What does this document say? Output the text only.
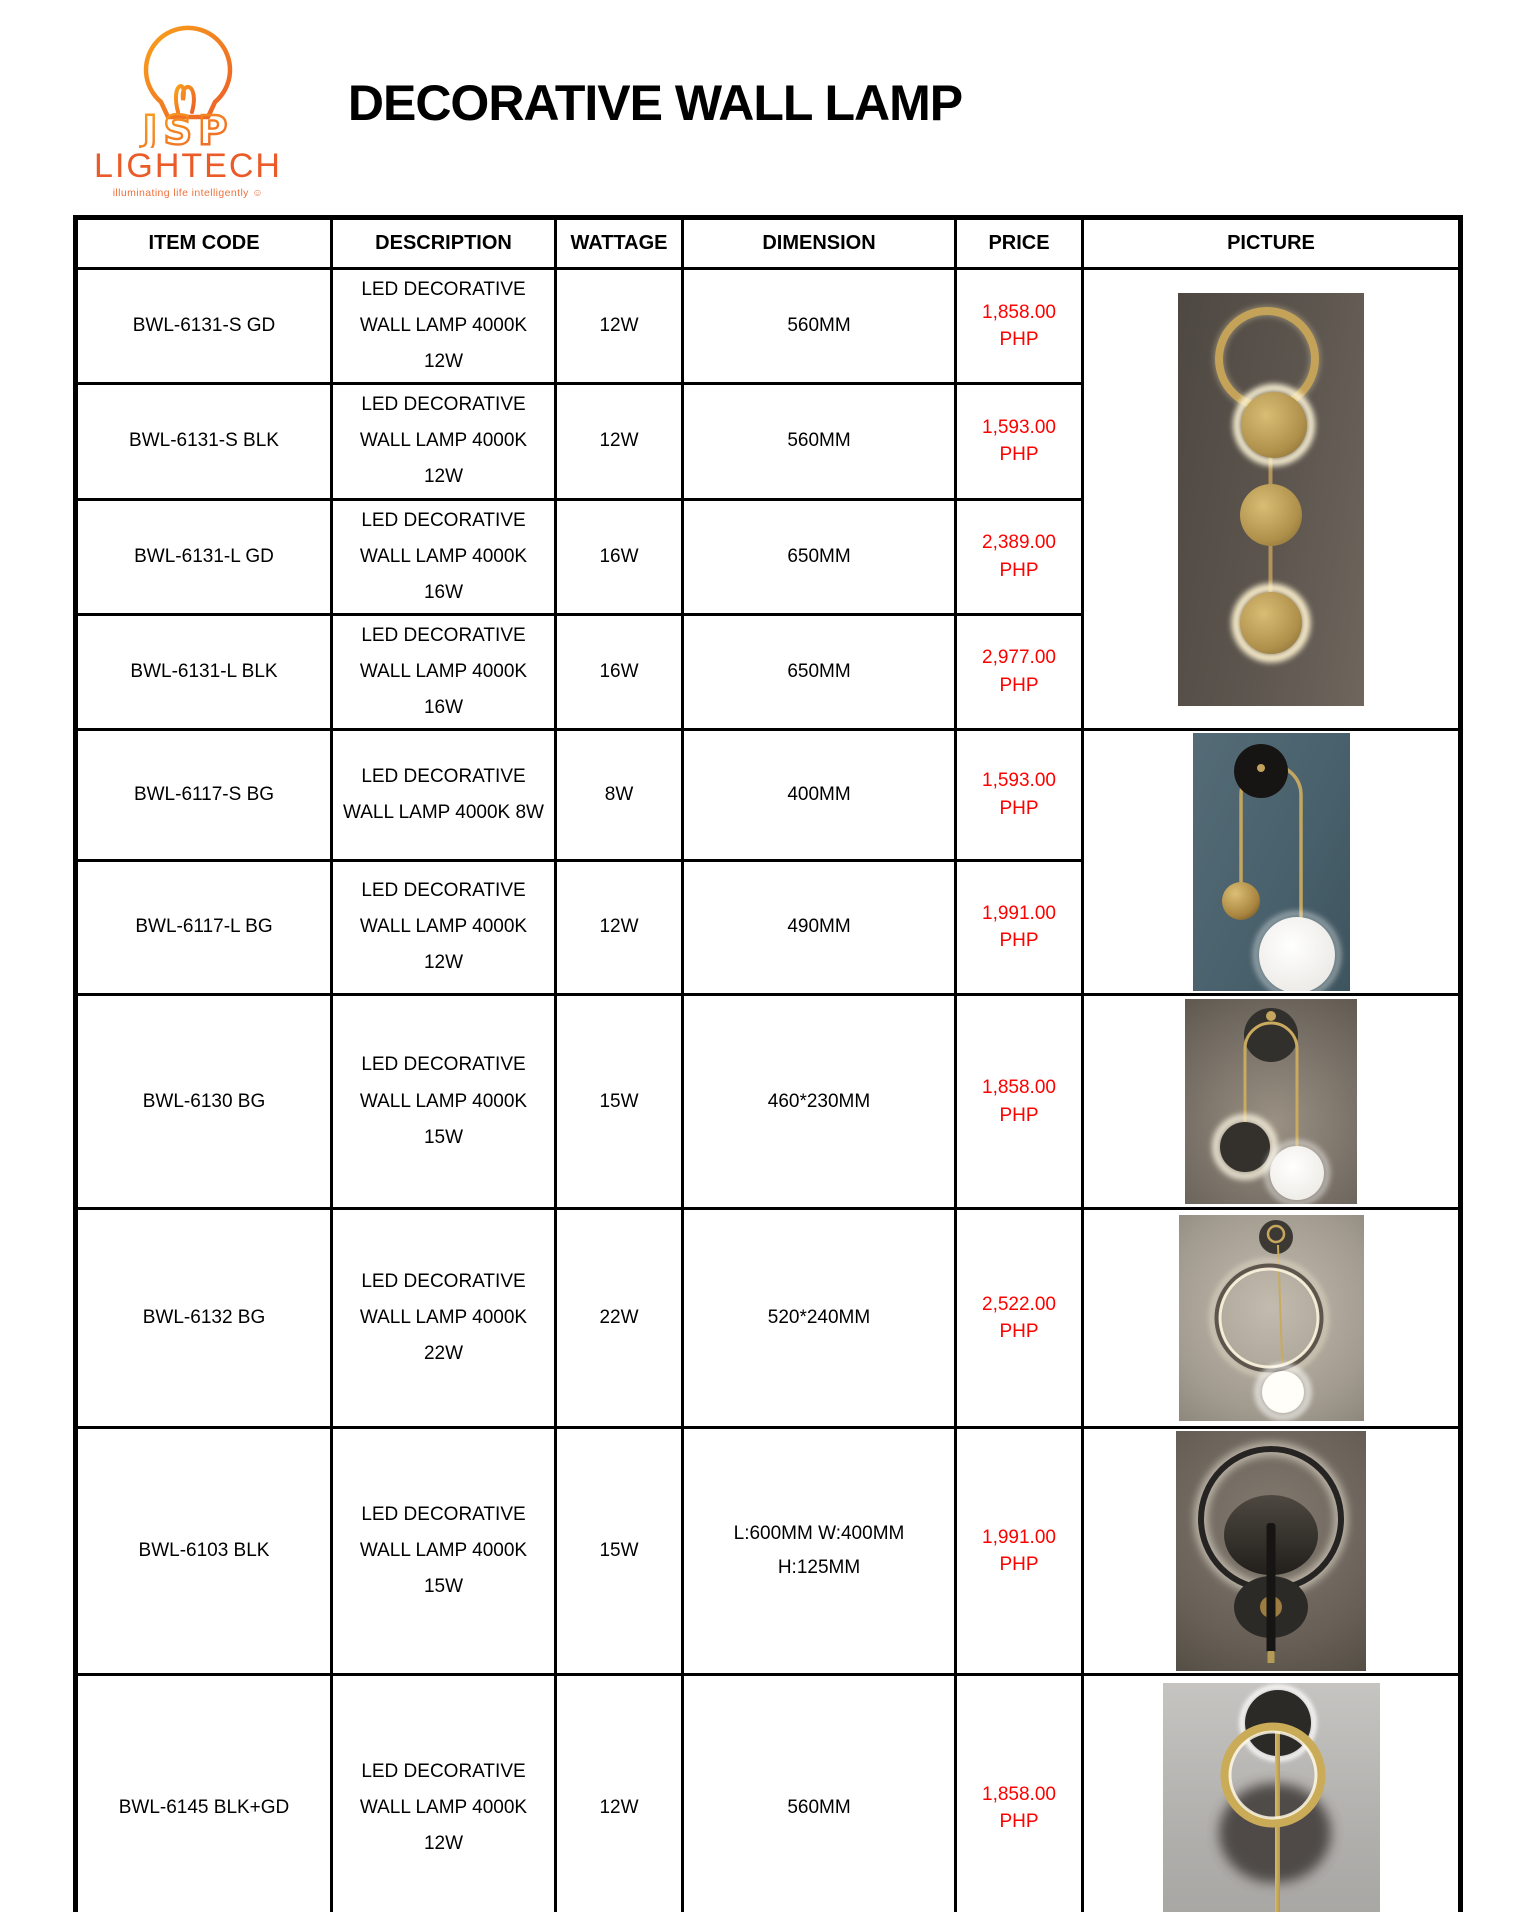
JSP
LIGHTECH
illuminating life intelligently ☺
DECORATIVE WALL LAMP
ITEM CODE	DESCRIPTION	WATTAGE	DIMENSION	PRICE	PICTURE
BWL-6131-S GD	LED DECORATIVE WALL LAMP 4000K 12W	12W	560MM	1,858.00
PHP

BWL-6131-S BLK	LED DECORATIVE WALL LAMP 4000K 12W	12W	560MM	1,593.00
PHP	

BWL-6131-L GD	LED DECORATIVE WALL LAMP 4000K 16W	16W	650MM	2,389.00
PHP	

BWL-6131-L BLK	LED DECORATIVE WALL LAMP 4000K 16W	16W	650MM	2,977.00
PHP	

BWL-6117-S BG	LED DECORATIVE WALL LAMP 4000K 8W	8W	400MM	1,593.00
PHP

BWL-6117-L BG	LED DECORATIVE WALL LAMP 4000K 12W	12W	490MM	1,991.00
PHP	

BWL-6130 BG	LED DECORATIVE WALL LAMP 4000K 15W	15W	460*230MM	1,858.00
PHP

BWL-6132 BG	LED DECORATIVE WALL LAMP 4000K 22W	22W	520*240MM	2,522.00
PHP

BWL-6103 BLK	LED DECORATIVE WALL LAMP 4000K 15W	15W	L:600MM W:400MM H:125MM	1,991.00
PHP

BWL-6145 BLK+GD	LED DECORATIVE WALL LAMP 4000K 12W	12W	560MM	1,858.00
PHP
